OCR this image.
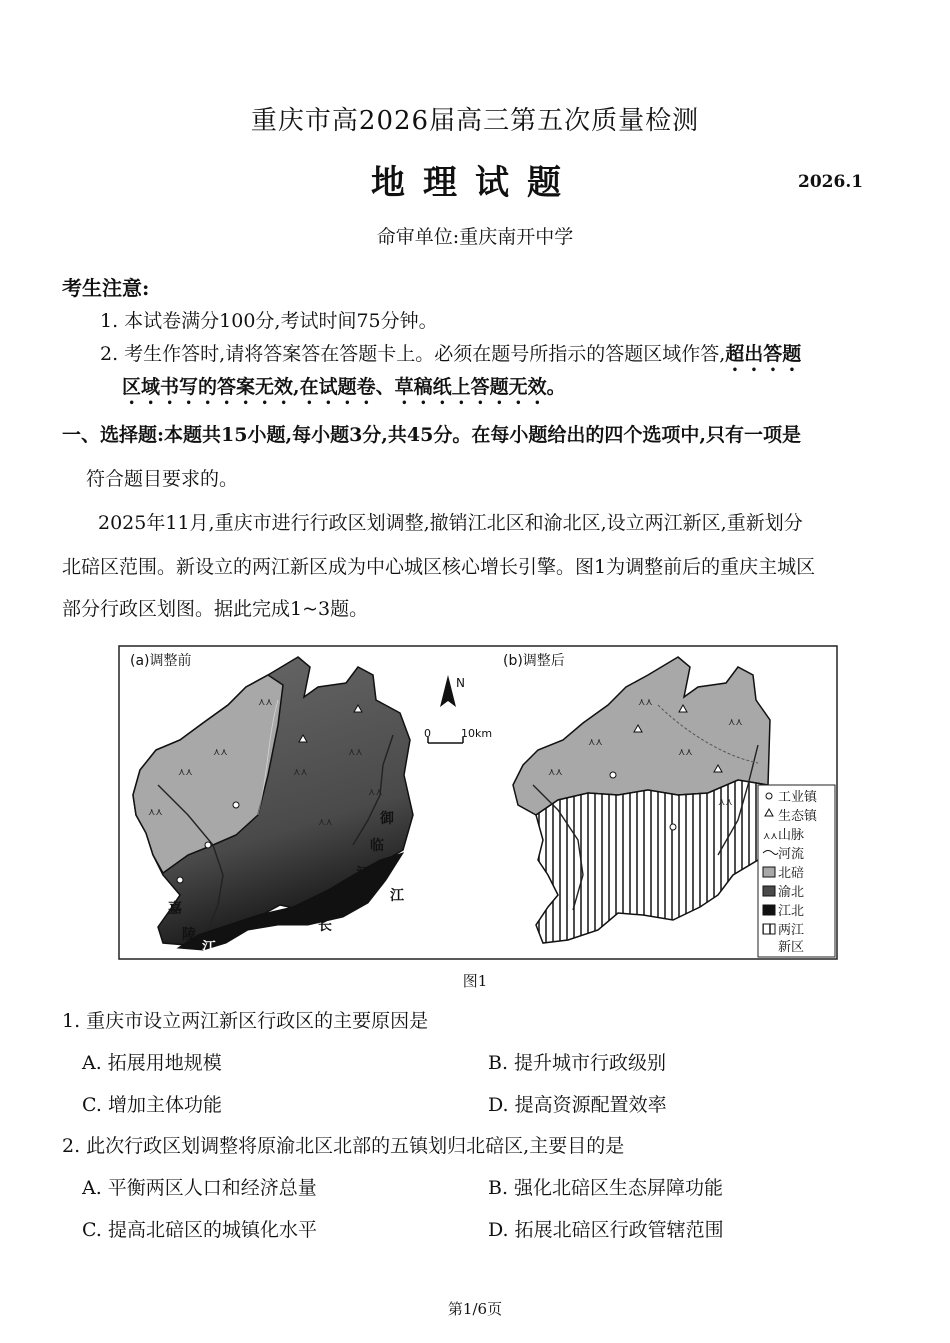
重庆市高2026届高三第五次质量检测
地理试题	2026.1
命审单位:重庆南开中学
考生注意:
1. 本试卷满分100分,考试时间75分钟。
2. 考生作答时,请将答案答在答题卡上。必须在题号所指示的答题区域作答,超出答题
区域书写的答案无效,在试题卷、草稿纸上答题无效。
一、选择题:本题共15小题,每小题3分,共45分。在每小题给出的四个选项中,只有一项是
符合题目要求的。
2025年11月,重庆市进行行政区划调整,撤销江北区和渝北区,设立两江新区,重新划分
北碚区范围。新设立的两江新区成为中心城区核心增长引擎。图1为调整前后的重庆主城区
部分行政区划图。据此完成1~3题。
⋏⋏
⋏⋏
⋏⋏
⋏⋏
⋏⋏
⋏⋏
⋏⋏
⋏⋏
(a)调整前
嘉
陵
江
长
御
临
河
江
N
0	10km
⋏⋏
⋏⋏
⋏⋏
⋏⋏
⋏⋏
⋏⋏
(b)调整后
工业镇
生态镇
⋏⋏ 山脉
河流
北碚
渝北
江北
两江
新区
图1
1. 重庆市设立两江新区行政区的主要原因是
A. 拓展用地规模	B. 提升城市行政级别
C. 增加主体功能	D. 提高资源配置效率
2. 此次行政区划调整将原渝北区北部的五镇划归北碚区,主要目的是
A. 平衡两区人口和经济总量	B. 强化北碚区生态屏障功能
C. 提高北碚区的城镇化水平	D. 拓展北碚区行政管辖范围
第1/6页
